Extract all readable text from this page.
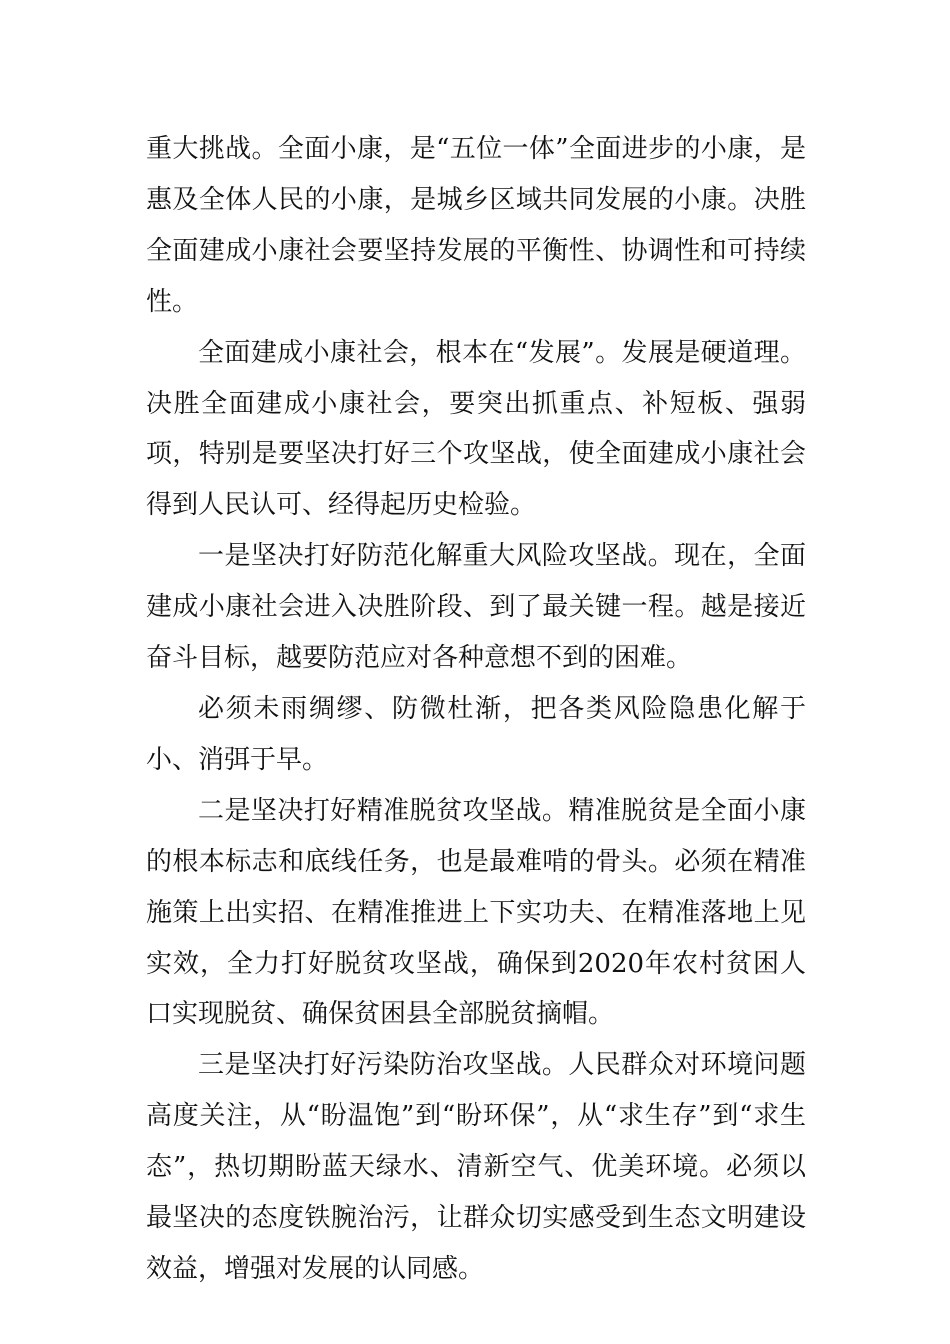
重大挑战。全面小康，是“五位一体”全面进步的小康，是惠及全体人民的小康，是城乡区域共同发展的小康。决胜全面建成小康社会要坚持发展的平衡性、协调性和可持续性。

全面建成小康社会，根本在“发展”。发展是硬道理。决胜全面建成小康社会，要突出抓重点、补短板、强弱项，特别是要坚决打好三个攻坚战，使全面建成小康社会得到人民认可、经得起历史检验。

一是坚决打好防范化解重大风险攻坚战。现在，全面建成小康社会进入决胜阶段、到了最关键一程。越是接近奋斗目标，越要防范应对各种意想不到的困难。

必须未雨绸缪、防微杜渐，把各类风险隐患化解于小、消弭于早。

二是坚决打好精准脱贫攻坚战。精准脱贫是全面小康的根本标志和底线任务，也是最难啃的骨头。必须在精准施策上出实招、在精准推进上下实功夫、在精准落地上见实效，全力打好脱贫攻坚战，确保到2020年农村贫困人口实现脱贫、确保贫困县全部脱贫摘帽。

三是坚决打好污染防治攻坚战。人民群众对环境问题高度关注，从“盼温饱”到“盼环保”，从“求生存”到“求生态”，热切期盼蓝天绿水、清新空气、优美环境。必须以最坚决的态度铁腕治污，让群众切实感受到生态文明建设效益，增强对发展的认同感。
